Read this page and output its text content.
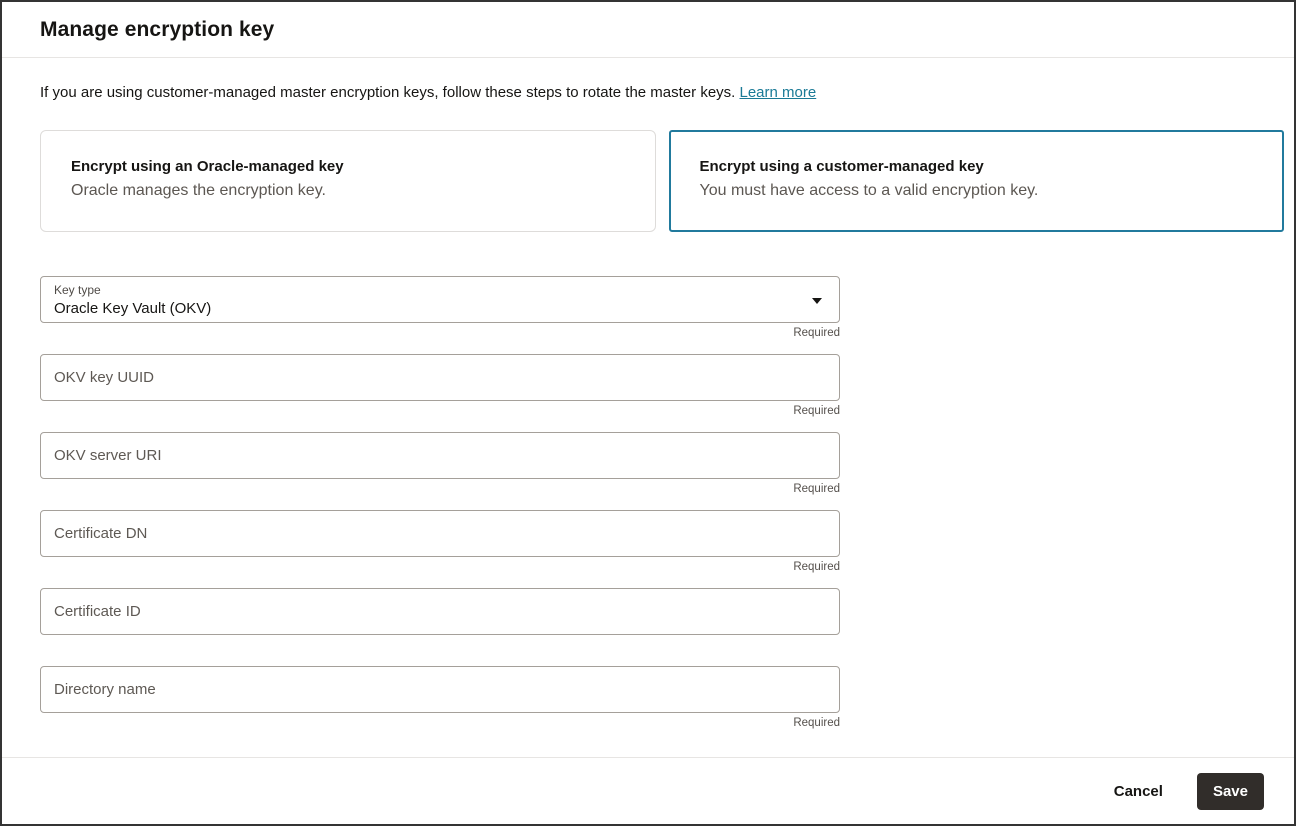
Manage encryption key

If you are using customer-managed master encryption keys, follow these steps to rotate the master keys. Learn more

Encrypt using an Oracle-managed key

Oracle manages the encryption key.

Encrypt using a customer-managed key

You must have access to a valid encryption key.

Key type
Oracle Key Vault (OKV)
Required
OKV key UUID
Required
OKV server URI
Required
Certificate DN
Required
Certificate ID
Directory name
Required
Cancel	Save
